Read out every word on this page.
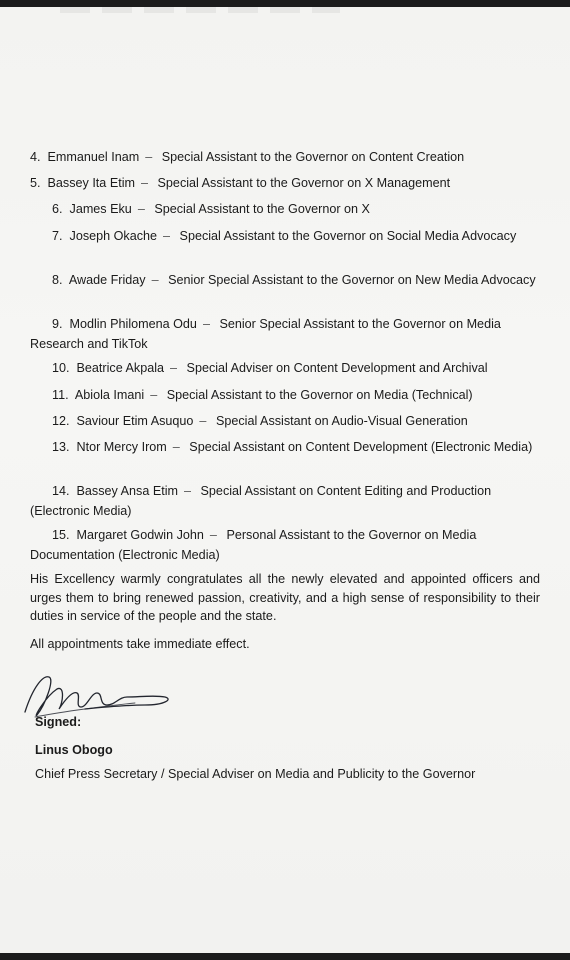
4. Emmanuel Inam – Special Assistant to the Governor on Content Creation
5. Bassey Ita Etim – Special Assistant to the Governor on X Management
6. James Eku – Special Assistant to the Governor on X
7. Joseph Okache – Special Assistant to the Governor on Social Media Advocacy
8. Awade Friday – Senior Special Assistant to the Governor on New Media Advocacy
9. Modlin Philomena Odu – Senior Special Assistant to the Governor on Media Research and TikTok
10. Beatrice Akpala – Special Adviser on Content Development and Archival
11. Abiola Imani – Special Assistant to the Governor on Media (Technical)
12. Saviour Etim Asuquo – Special Assistant on Audio-Visual Generation
13. Ntor Mercy Irom – Special Assistant on Content Development (Electronic Media)
14. Bassey Ansa Etim – Special Assistant on Content Editing and Production (Electronic Media)
15. Margaret Godwin John – Personal Assistant to the Governor on Media Documentation (Electronic Media)
His Excellency warmly congratulates all the newly elevated and appointed officers and urges them to bring renewed passion, creativity, and a high sense of responsibility to their duties in service of the people and the state.
All appointments take immediate effect.
Signed:
Linus Obogo
Chief Press Secretary / Special Adviser on Media and Publicity to the Governor
